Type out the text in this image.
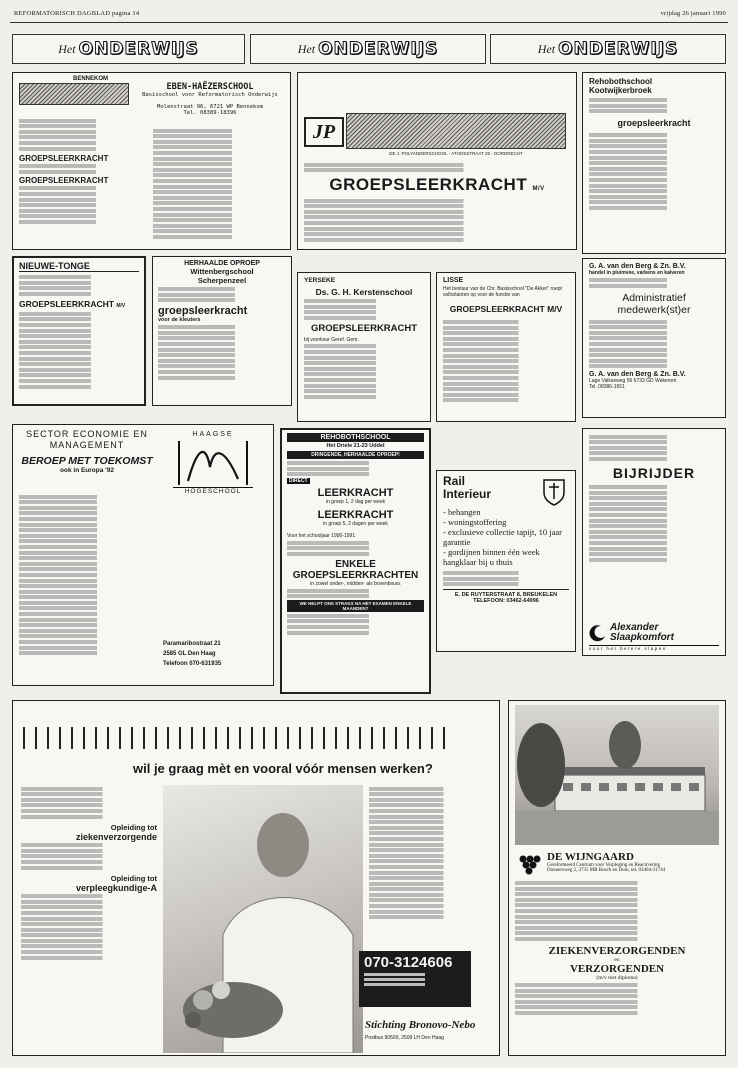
REFORMATORISCH DAGBLAD pagina 14	vrijdag 26 januari 1990
Het ONDERWIJS	Het ONDERWIJS	Het ONDERWIJS
BENNEKOM
EBEN-HAËZERSCHOOL
Basisschool voor Reformatorisch Onderwijs
Molenstraat 96, 6721 WP Bennekom
Tel. 08389-18396
GROEPSLEERKRACHT
GROEPSLEERKRACHT
JP
DE J. POLYANDERSCHOOL - ATHOSSTRAAT 25 - DORDRECHT
GROEPSLEERKRACHT M/V
Rehobothschool
Kootwijkerbroek
groepsleerkracht
NIEUWE-TONGE
GROEPSLEERKRACHT M/V
HERHAALDE OPROEP
Wittenbergschool
Scherpenzeel
groepsleerkracht
voor de kleuters
YERSEKE
Ds. G. H. Kerstenschool
GROEPSLEERKRACHT
bij voorkeur Geref. Gem.
LISSE
Het bestuur van de Chr. Basisschool "De Akker" roept sollicitanten op voor de functie van
GROEPSLEERKRACHT M/V
G. A. van den Berg & Zn. B.V.
handel in pluimvee, varkens en kalveren
Administratief medewerk(st)er
G. A. van den Berg & Zn. B.V.
Lage Valkseweg 56 6733 GD Wekerom
Tel. 08386-1651
SECTOR ECONOMIE EN MANAGEMENT
BEROEP MET TOEKOMST
ook in Europa '92
HAAGSE
HOGESCHOOL
Paramaribostraat 21
2585 GL Den Haag
Telefoon 070-631935
REHOBOTHSCHOOL
Het Driele 21-23 Uddel
DRINGENDE, HERHAALDE OPROEP!
DIRECT
LEERKRACHT
in groep 1, 2 dag per week
LEERKRACHT
in groep 5, 2 dagen per week
Voor het schooljaar 1990-1991
ENKELE GROEPSLEERKRACHTEN
in zowel onder-, midden- als bovenbouw.
WE HELPT ONS STRAKS NA HET EXAMEN ENKELE MAANDEN?
Rail
Interieur
- behangen
- woningstoffering
- exclusieve collectie tapijt, 10 jaar garantie
- gordijnen binnen één week hangklaar bij u thuis
E. DE RUYTERSTRAAT 8, BREUKELEN
TELEFOON: 03462-64996
BIJRIJDER
Alexander
Slaapkomfort
voor het betere slapen
wil je graag mèt en vooral vóór mensen werken?
Opleiding tot
ziekenverzorgende
Opleiding tot
verpleegkundige-A
070-3124606
Stichting Bronovo-Nebo
Postbus 90509, 2509 LH Den Haag
DE WIJNGAARD
Gereformeerd Centrum voor Verpleging en Reactivering
Donnersweg 2, 3735 MR Bosch en Duin, tel. 03404-31744
ZIEKENVERZORGENDEN
en
VERZORGENDEN
(m/v met diploma)
